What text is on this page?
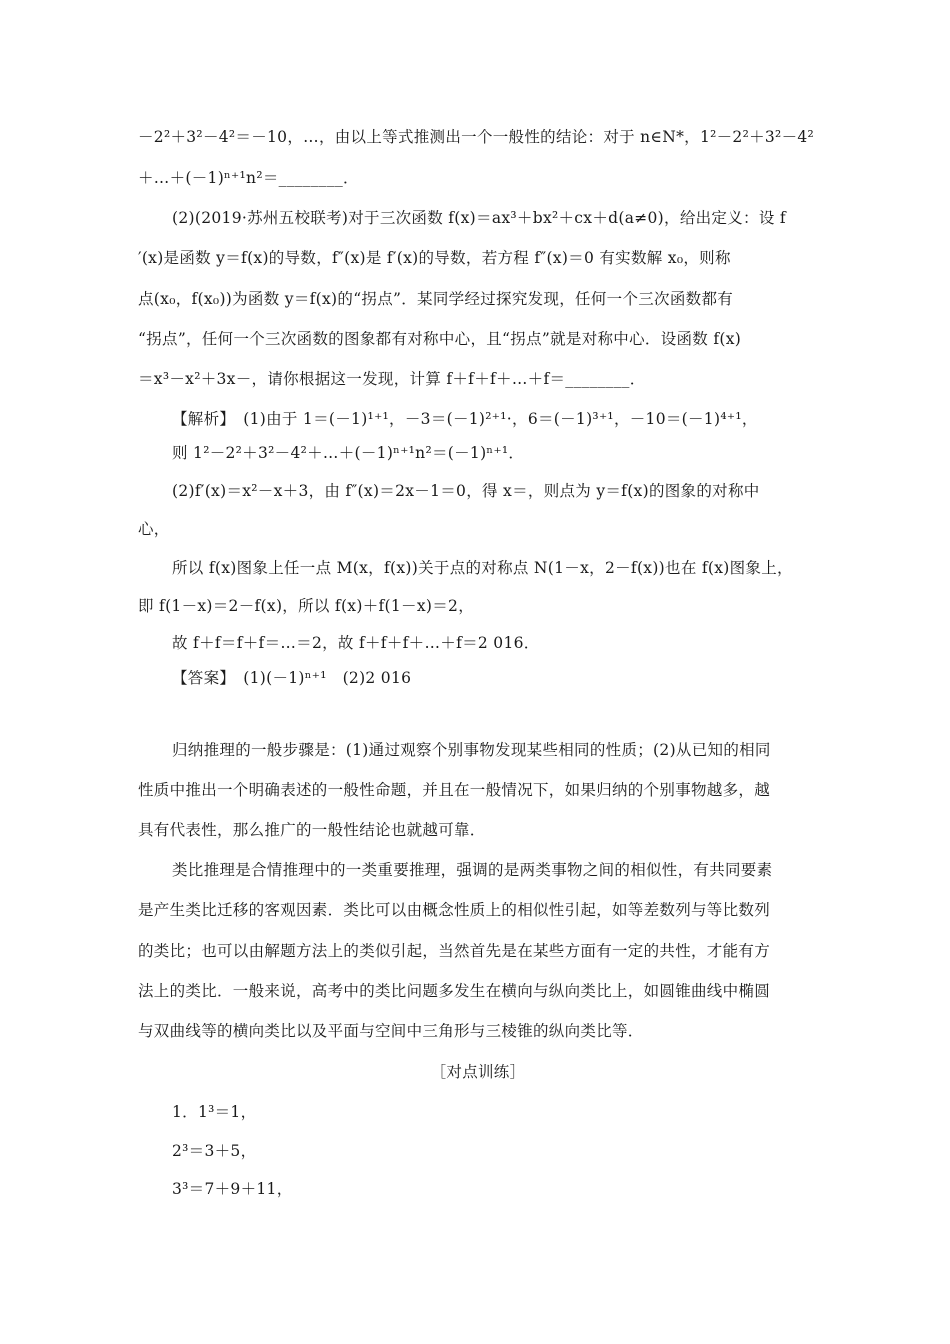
－2²＋3²－4²＝－10，…，由以上等式推测出一个一般性的结论：对于 n∈N*，1²－2²＋3²－4²
＋…＋(－1)ⁿ⁺¹n²＝________．
(2)(2019·苏州五校联考)对于三次函数 f(x)＝ax³＋bx²＋cx＋d(a≠0)，给出定义：设 f
′(x)是函数 y＝f(x)的导数，f″(x)是 f′(x)的导数，若方程 f″(x)＝0 有实数解 x₀，则称
点(x₀，f(x₀))为函数 y＝f(x)的“拐点”．某同学经过探究发现，任何一个三次函数都有
“拐点”，任何一个三次函数的图象都有对称中心，且“拐点”就是对称中心．设函数 f(x)
＝x³－x²＋3x－，请你根据这一发现，计算 f＋f＋f＋…＋f＝________．
【解析】　(1)由于 1＝(－1)¹⁺¹，－3＝(－1)²⁺¹·，6＝(－1)³⁺¹，－10＝(－1)⁴⁺¹，
则 1²－2²＋3²－4²＋…＋(－1)ⁿ⁺¹n²＝(－1)ⁿ⁺¹．
(2)f′(x)＝x²－x＋3，由 f″(x)＝2x－1＝0，得 x＝，则点为 y＝f(x)的图象的对称中
心，
所以 f(x)图象上任一点 M(x，f(x))关于点的对称点 N(1－x，2－f(x))也在 f(x)图象上，
即 f(1－x)＝2－f(x)，所以 f(x)＋f(1－x)＝2，
故 f＋f＝f＋f＝…＝2，故 f＋f＋f＋…＋f＝2 016．
【答案】　(1)(－1)ⁿ⁺¹　(2)2 016
归纳推理的一般步骤是：(1)通过观察个别事物发现某些相同的性质；(2)从已知的相同
性质中推出一个明确表述的一般性命题，并且在一般情况下，如果归纳的个别事物越多，越
具有代表性，那么推广的一般性结论也就越可靠．
类比推理是合情推理中的一类重要推理，强调的是两类事物之间的相似性，有共同要素
是产生类比迁移的客观因素．类比可以由概念性质上的相似性引起，如等差数列与等比数列
的类比；也可以由解题方法上的类似引起，当然首先是在某些方面有一定的共性，才能有方
法上的类比．一般来说，高考中的类比问题多发生在横向与纵向类比上，如圆锥曲线中椭圆
与双曲线等的横向类比以及平面与空间中三角形与三棱锥的纵向类比等．
［对点训练］
1．1³＝1，
2³＝3＋5，
3³＝7＋9＋11，
